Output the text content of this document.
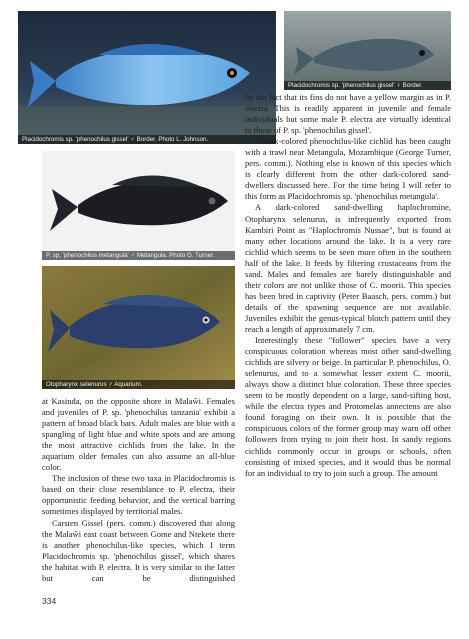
Placidochromis sp. 'phenochilus gissel' ♂ Border. Photo L. Johnson.
Placidochromis sp. 'phenochilus gissel' ♀ Border.
P. sp. 'phenochilus metangula' ♂ Metangula. Photo G. Turner.
Otopharynx selenurus ♂ Aquarium.

by the fact that its fins do not have a yellow margin as in P. electra. This is readily apparent in juvenile and female individuals but some male P. electra are virtually identical to those of P. sp. 'phenochilus gissel'.

A dark-colored phenochilus-like cichlid has been caught with a trawl near Metangula, Mozambique (George Turner, pers. comm.). Nothing else is known of this species which is clearly different from the other dark-colored sand-dwellers discussed here. For the time being I will refer to this form as Placidochromis sp. 'phenochilus metangula'.

A dark-colored sand-dwelling haplochromine, Otopharynx selenurus, is infrequently exported from Kambiri Point as "Haplochromis Nussae", but is found at many other locations around the lake. It is a very rare cichlid which seems to be seen more often in the southern half of the lake. It feeds by filtering crustaceans from the sand. Males and females are barely distinguishable and their colors are not unlike those of C. moorii. This species has been bred in captivity (Peter Baasch, pers. comm.) but details of the spawning sequence are not available. Juveniles exhibit the genus-typical blotch pattern until they reach a length of approximately 7 cm.

Interestingly these "follower" species have a very conspicuous coloration whereas most other sand-dwelling cichlids are silvery or beige. In particular P. phenochilus, O. selenurus, and to a somewhat lesser extent C. moorii, always show a distinct blue coloration. These three species seem to be mostly dependent on a large, sand-sifting host, while the electra types and Protomelas annectens are also found foraging on their own. It is possible that the conspicuous colors of the former group may warn off other followers from trying to join their host. In sandy regions cichlids commonly occur in groups or schools, often consisting of mixed species, and it would thus be normal for an individual to try to join such a group. The amount

at Kasinda, on the opposite shore in Malaŵi. Females and juveniles of P. sp. 'phenochilus tanzania' exhibit a pattern of broad black bars. Adult males are blue with a spangling of light blue and white spots and are among the most attractive cichlids from the lake. In the aquarium older females can also assume an all-blue color.

The inclusion of these two taxa in Placidochromis is based on their close resemblance to P. electra, their opportunistic feeding behavior, and the vertical barring sometimes displayed by territorial males.

Carsten Gissel (pers. comm.) discovered that along the Malaŵi east coast between Gome and Ntekete there is another phenochilus-like species, which I term Placidochromis sp. 'phenochilus gissel', which shares the habitat with P. electra. It is very similar to the latter but can be distinguished

334
